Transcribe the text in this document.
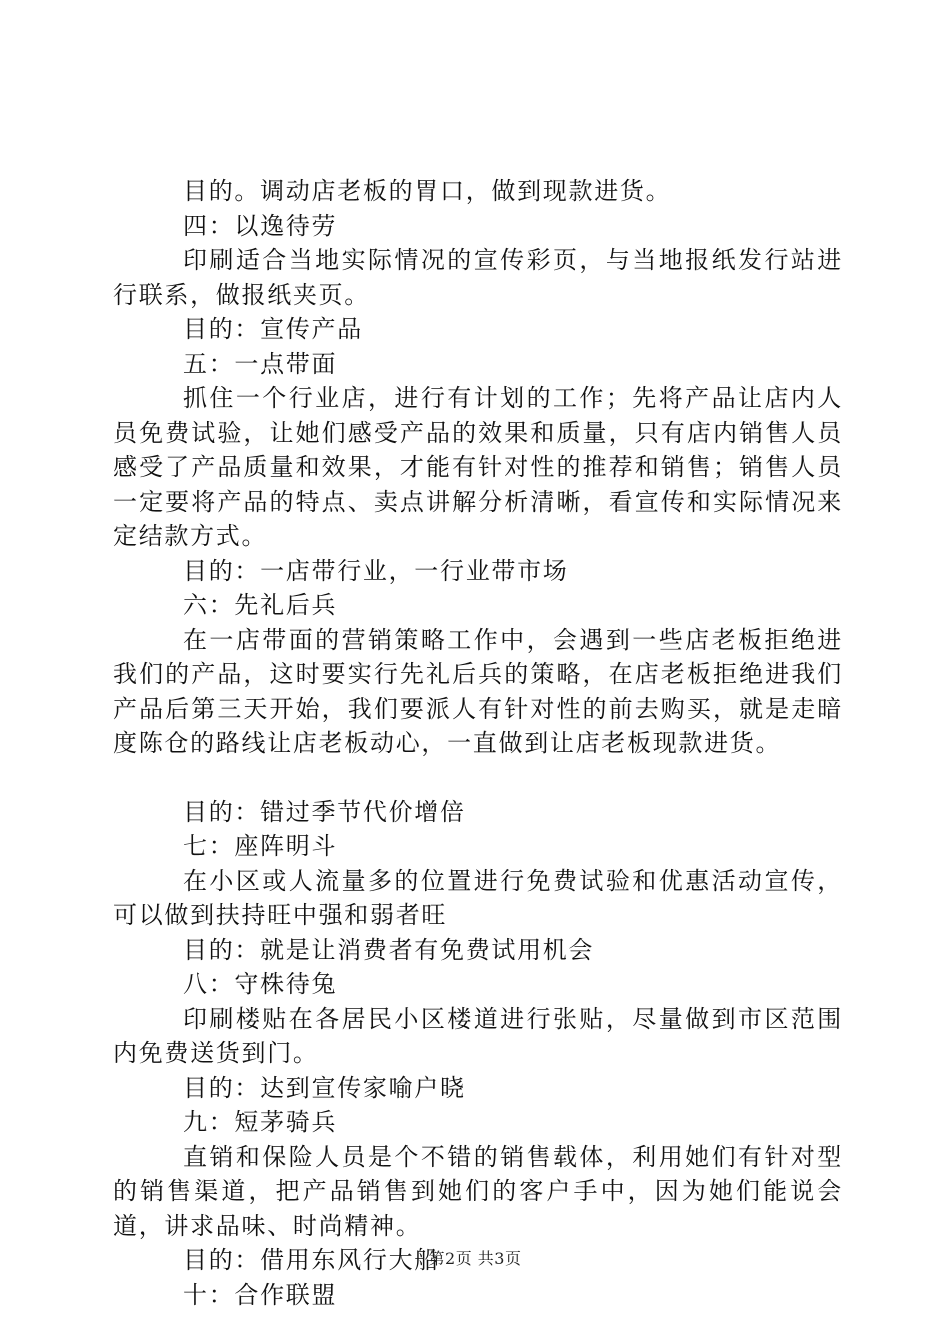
目的。调动店老板的胃口，做到现款进货。

四：以逸待劳

印刷适合当地实际情况的宣传彩页，与当地报纸发行站进行联系，做报纸夹页。

目的：宣传产品

五：一点带面

抓住一个行业店，进行有计划的工作；先将产品让店内人员免费试验，让她们感受产品的效果和质量，只有店内销售人员感受了产品质量和效果，才能有针对性的推荐和销售；销售人员一定要将产品的特点、卖点讲解分析清晰，看宣传和实际情况来定结款方式。

目的：一店带行业，一行业带市场

六：先礼后兵

在一店带面的营销策略工作中，会遇到一些店老板拒绝进我们的产品，这时要实行先礼后兵的策略，在店老板拒绝进我们产品后第三天开始，我们要派人有针对性的前去购买，就是走暗度陈仓的路线让店老板动心，一直做到让店老板现款进货。

目的：错过季节代价增倍

七：座阵明斗

在小区或人流量多的位置进行免费试验和优惠活动宣传，可以做到扶持旺中强和弱者旺

目的：就是让消费者有免费试用机会

八：守株待兔

印刷楼贴在各居民小区楼道进行张贴，尽量做到市区范围内免费送货到门。

目的：达到宣传家喻户晓

九：短茅骑兵

直销和保险人员是个不错的销售载体，利用她们有针对型的销售渠道，把产品销售到她们的客户手中，因为她们能说会道，讲求品味、时尚精神。

目的：借用东风行大船

十：合作联盟

第2页 共3页
